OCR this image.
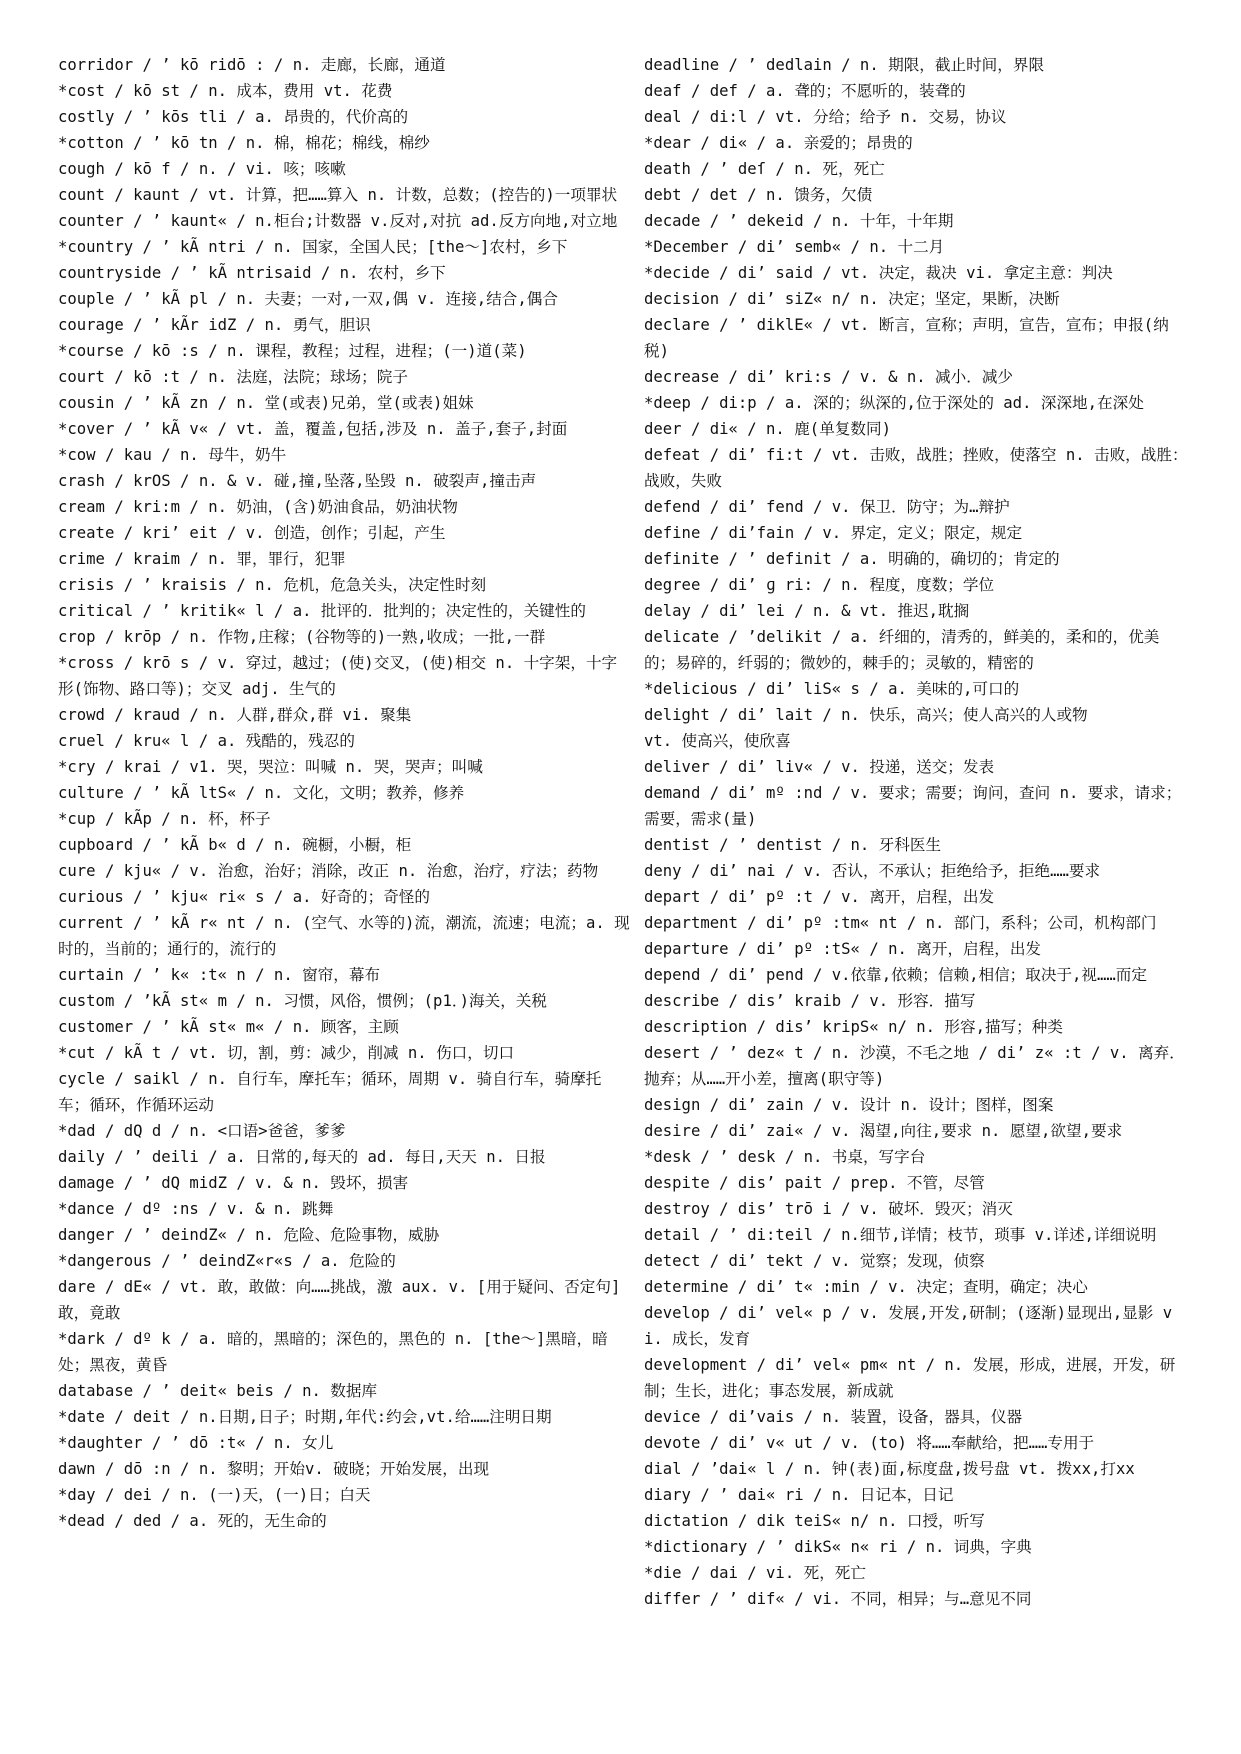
corridor / ’ kō ridō : / n. 走廊，长廊，通道

*cost / kō st / n. 成本，费用 vt. 花费

costly / ’ kōs tli / a. 昂贵的，代价高的

*cotton / ’ kō tn / n. 棉，棉花；棉线，棉纱

cough / kō f / n. / vi. 咳；咳嗽

count / kaunt / vt. 计算，把……算入 n. 计数，总数；(控告的)一项罪状

counter / ’ kaunt« / n.柜台;计数器 v.反对,对抗 ad.反方向地,对立地

*country / ’ kÃ ntri / n. 国家，全国人民；[the～]农村，乡下

countryside / ’ kÃ ntrisaid / n. 农村，乡下

couple / ’ kÃ pl / n. 夫妻；一对,一双,偶 v. 连接,结合,偶合

courage / ’ kÃr idZ / n. 勇气，胆识

*course / kō :s / n. 课程，教程；过程，进程；(一)道(菜)

court / kō :t / n. 法庭，法院；球场；院子

cousin / ’ kÃ zn / n. 堂(或表)兄弟，堂(或表)姐妹

*cover / ’ kÃ v« / vt. 盖，覆盖,包括,涉及 n. 盖子,套子,封面

*cow / kau / n. 母牛，奶牛

crash / krOS / n. & v. 碰,撞,坠落,坠毁 n. 破裂声,撞击声

cream / kri:m / n. 奶油，(含)奶油食品，奶油状物

create / kri’ eit / v. 创造，创作；引起，产生

crime / kraim / n. 罪，罪行，犯罪

crisis / ’ kraisis / n. 危机，危急关头，决定性时刻

critical / ’ kritik« l / a. 批评的．批判的；决定性的，关键性的

crop / krōp / n. 作物,庄稼；(谷物等的)一熟,收成；一批,一群

*cross / krō s / v. 穿过，越过；(使)交叉，(使)相交 n. 十字架，十字形(饰物、路口等)；交叉 adj. 生气的

crowd / kraud / n. 人群,群众,群 vi. 聚集

cruel / kru« l / a. 残酷的，残忍的

*cry / krai / v1. 哭，哭泣：叫喊 n. 哭，哭声；叫喊

culture / ’ kÃ ltS« / n. 文化，文明；教养，修养

*cup / kÃp / n. 杯，杯子

cupboard / ’ kÃ b« d / n. 碗橱，小橱，柜

cure / kju« / v. 治愈，治好；消除，改正 n. 治愈，治疗，疗法；药物

curious / ’ kju« ri« s / a. 好奇的；奇怪的

current / ’ kÃ r« nt / n. (空气、水等的)流，潮流，流速；电流；a. 现时的，当前的；通行的，流行的

curtain / ’ k« :t« n / n. 窗帘，幕布

custom / ’kÃ st« m / n. 习惯，风俗，惯例；(p1．)海关，关税

customer / ’ kÃ st« m« / n. 顾客，主顾

*cut / kÃ t / vt. 切，割，剪：减少，削减 n. 伤口，切口

cycle / saikl / n. 自行车，摩托车；循环，周期 v. 骑自行车，骑摩托车；循环，作循环运动

*dad / dQ d / n. <口语>爸爸，爹爹

daily / ’ deili / a. 日常的,每天的 ad. 每日,天天 n. 日报

damage / ’ dQ midZ / v. & n. 毁坏，损害

*dance / dº :ns / v. & n. 跳舞

danger / ’ deindZ« / n. 危险、危险事物，威胁

*dangerous / ’ deindZ«r«s / a. 危险的

dare / dE« / vt. 敢，敢做：向……挑战，激 aux. v. [用于疑问、否定句]敢，竟敢

*dark / dº k / a. 暗的，黑暗的；深色的，黑色的 n. [the～]黑暗，暗处；黑夜，黄昏

database / ’ deit« beis / n. 数据库

*date / deit / n.日期,日子；时期,年代:约会,vt.给……注明日期

*daughter / ’ dō :t« / n. 女儿

dawn / dō :n / n. 黎明；开始v. 破晓；开始发展，出现

*day / dei / n. (一)天，(一)日；白天

*dead / ded / a. 死的，无生命的

deadline / ’ dedlain / n. 期限，截止时间，界限

deaf / def / a. 聋的；不愿听的，装聋的

deal / di:l / vt. 分给；给予 n. 交易，协议

*dear / di« / a. 亲爱的；昂贵的

death / ’ deſ / n. 死，死亡

debt / det / n. 馈务，欠债

decade / ’ dekeid / n. 十年，十年期

*December / di’ semb« / n. 十二月

*decide / di’ said / vt. 决定，裁决 vi. 拿定主意：判决

decision / di’ siZ« n/ n. 决定；坚定，果断，决断

declare / ’ diklE« / vt. 断言，宣称；声明，宣告，宣布；申报(纳税)

decrease / di’ kri:s / v. & n. 减小．减少

*deep / di:p / a. 深的；纵深的,位于深处的 ad. 深深地,在深处

deer / di« / n. 鹿(单复数同)

defeat / di’ fi:t / vt. 击败，战胜；挫败，使落空 n. 击败，战胜：战败，失败

defend / di’ fend / v. 保卫．防守；为…辩护

define / di’fain / v. 界定，定义；限定，规定

definite / ’ definit / a. 明确的，确切的；肯定的

degree / di’ ɡ ri: / n. 程度，度数；学位

delay / di’ lei / n. & vt. 推迟,耽搁

delicate / ’delikit / a. 纤细的，清秀的，鲜美的，柔和的，优美的；易碎的，纤弱的；微妙的，棘手的；灵敏的，精密的

*delicious / di’ liS« s / a. 美味的,可口的

delight / di’ lait / n. 快乐，高兴；使人高兴的人或物

vt. 使高兴，使欣喜

deliver / di’ liv« / v. 投递，送交；发表

demand / di’ mº :nd / v. 要求；需要；询问，查问 n. 要求，请求；需要，需求(量)

dentist / ’ dentist / n. 牙科医生

deny / di’ nai / v. 否认，不承认；拒绝给予，拒绝……要求

depart / di’ pº :t / v. 离开，启程，出发

department / di’ pº :tm« nt / n. 部门，系科；公司，机构部门

departure / di’ pº :tS« / n. 离开，启程，出发

depend / di’ pend / v.依靠,依赖；信赖,相信；取决于,视……而定

describe / dis’ kraib / v. 形容．描写

description / dis’ kripS« n/ n. 形容,描写；种类

desert / ’ dez« t / n. 沙漠，不毛之地 / di’ z« :t / v. 离弃．抛弃；从……开小差，擅离(职守等)

design / di’ zain / v. 设计 n. 设计；图样，图案

desire / di’ zai« / v. 渴望,向往,要求 n. 愿望,欲望,要求

*desk / ’ desk / n. 书桌，写字台

despite / dis’ pait / prep. 不管，尽管

destroy / dis’ trō i / v. 破坏．毁灭；消灭

detail / ’ di:teil / n.细节,详情；枝节，琐事 v.详述,详细说明

detect / di’ tekt / v. 觉察；发现，侦察

determine / di’ t« :min / v. 决定；查明，确定；决心

develop / di’ vel« p / v. 发展,开发,研制；(逐渐)显现出,显影 vi. 成长，发育

development / di’ vel« pm« nt / n. 发展，形成，进展，开发，研制；生长，进化；事态发展，新成就

device / di’vais / n. 装置，设备，器具，仪器

devote / di’ v« ut / v. (to) 将……奉献给，把……专用于

dial / ’dai« l / n. 钟(表)面,标度盘,拨号盘 vt. 拨xx,打xx

diary / ’ dai« ri / n. 日记本，日记

dictation / dik teiS« n/ n. 口授，听写

*dictionary / ’ dikS« n« ri / n. 词典，字典

*die / dai / vi. 死，死亡

differ / ’ dif« / vi. 不同，相异；与…意见不同
